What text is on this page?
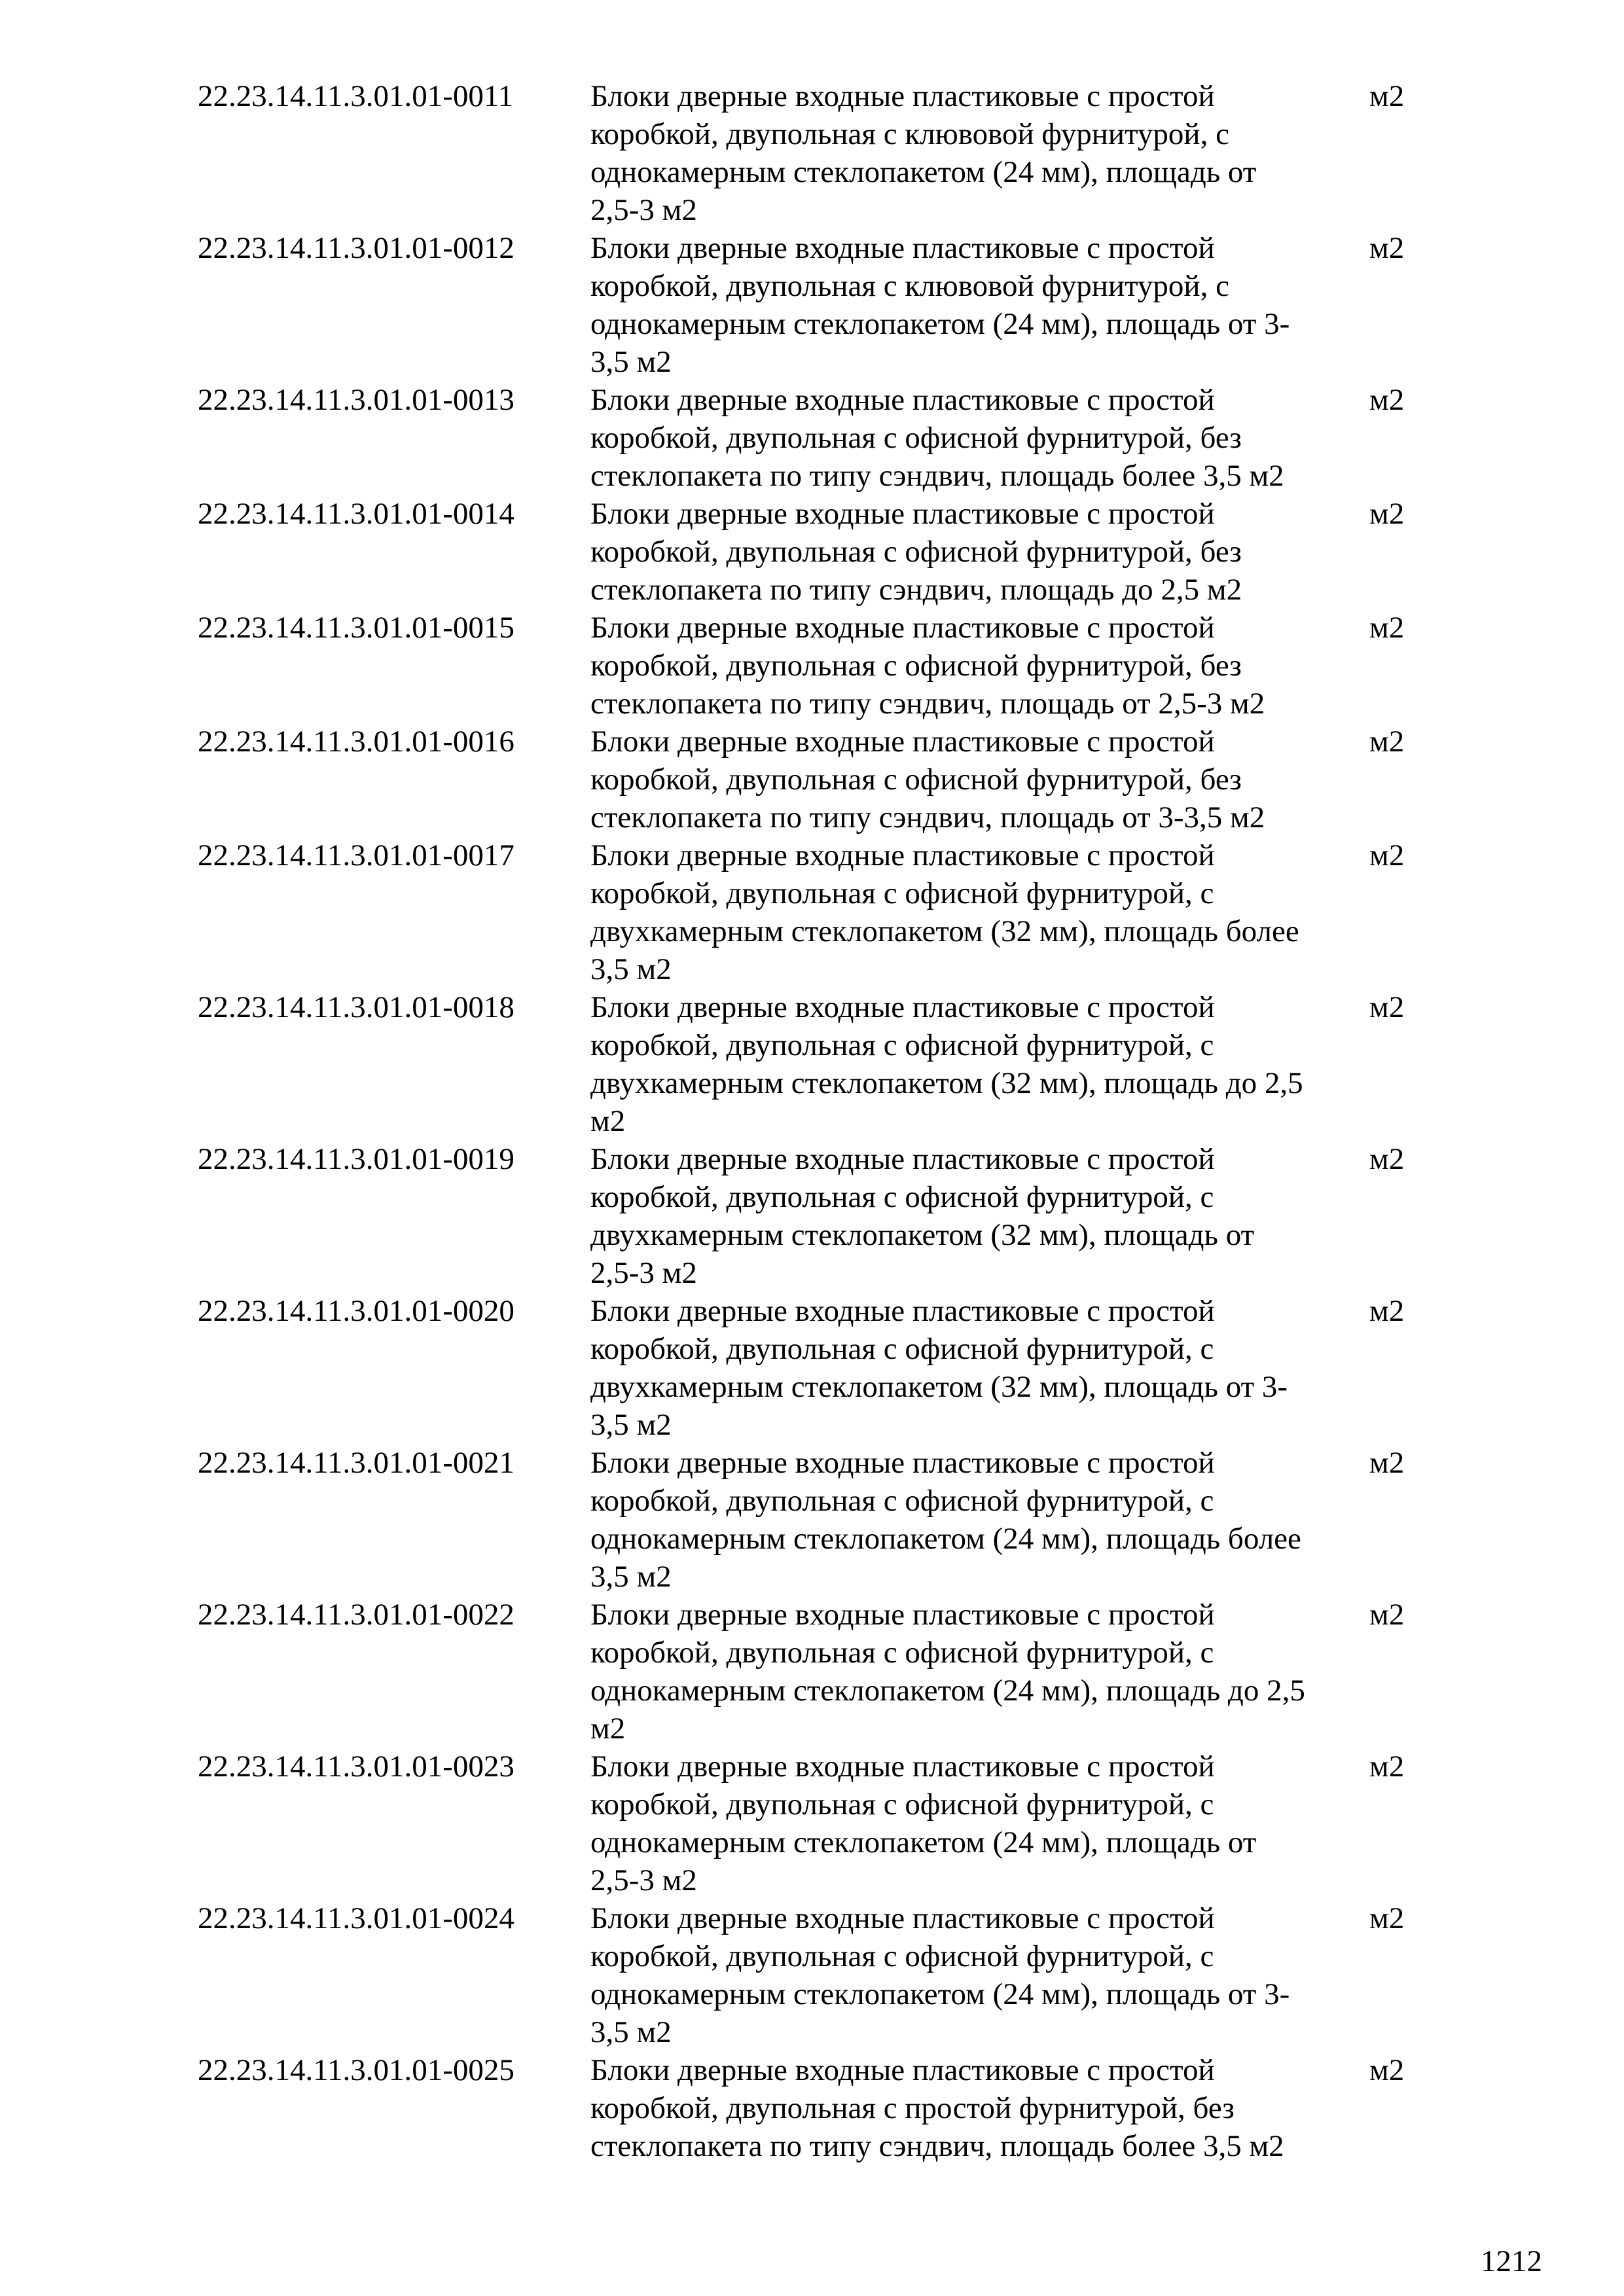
22.23.14.11.3.01.01-0011	Блоки дверные входные пластиковые с простой
коробкой, двупольная с клювовой фурнитурой, с
однокамерным стеклопакетом (24 мм), площадь от
2,5-3 м2
м2
22.23.14.11.3.01.01-0012	Блоки дверные входные пластиковые с простой
коробкой, двупольная с клювовой фурнитурой, с
однокамерным стеклопакетом (24 мм), площадь от 3-
3,5 м2
м2
22.23.14.11.3.01.01-0013	Блоки дверные входные пластиковые с простой
коробкой, двупольная с офисной фурнитурой, без
стеклопакета по типу сэндвич, площадь более 3,5 м2
м2
22.23.14.11.3.01.01-0014	Блоки дверные входные пластиковые с простой
коробкой, двупольная с офисной фурнитурой, без
стеклопакета по типу сэндвич, площадь до 2,5 м2
м2
22.23.14.11.3.01.01-0015	Блоки дверные входные пластиковые с простой
коробкой, двупольная с офисной фурнитурой, без
стеклопакета по типу сэндвич, площадь от 2,5-3 м2
м2
22.23.14.11.3.01.01-0016	Блоки дверные входные пластиковые с простой
коробкой, двупольная с офисной фурнитурой, без
стеклопакета по типу сэндвич, площадь от 3-3,5 м2
м2
22.23.14.11.3.01.01-0017	Блоки дверные входные пластиковые с простой
коробкой, двупольная с офисной фурнитурой, с
двухкамерным стеклопакетом (32 мм), площадь более
3,5 м2
м2
22.23.14.11.3.01.01-0018	Блоки дверные входные пластиковые с простой
коробкой, двупольная с офисной фурнитурой, с
двухкамерным стеклопакетом (32 мм), площадь до 2,5
м2
м2
22.23.14.11.3.01.01-0019	Блоки дверные входные пластиковые с простой
коробкой, двупольная с офисной фурнитурой, с
двухкамерным стеклопакетом (32 мм), площадь от
2,5-3 м2
м2
22.23.14.11.3.01.01-0020	Блоки дверные входные пластиковые с простой
коробкой, двупольная с офисной фурнитурой, с
двухкамерным стеклопакетом (32 мм), площадь от 3-
3,5 м2
м2
22.23.14.11.3.01.01-0021	Блоки дверные входные пластиковые с простой
коробкой, двупольная с офисной фурнитурой, с
однокамерным стеклопакетом (24 мм), площадь более
3,5 м2
м2
22.23.14.11.3.01.01-0022	Блоки дверные входные пластиковые с простой
коробкой, двупольная с офисной фурнитурой, с
однокамерным стеклопакетом (24 мм), площадь до 2,5
м2
м2
22.23.14.11.3.01.01-0023	Блоки дверные входные пластиковые с простой
коробкой, двупольная с офисной фурнитурой, с
однокамерным стеклопакетом (24 мм), площадь от
2,5-3 м2
м2
22.23.14.11.3.01.01-0024	Блоки дверные входные пластиковые с простой
коробкой, двупольная с офисной фурнитурой, с
однокамерным стеклопакетом (24 мм), площадь от 3-
3,5 м2
м2
22.23.14.11.3.01.01-0025	Блоки дверные входные пластиковые с простой
коробкой, двупольная с простой фурнитурой, без
стеклопакета по типу сэндвич, площадь более 3,5 м2
м2
1212
